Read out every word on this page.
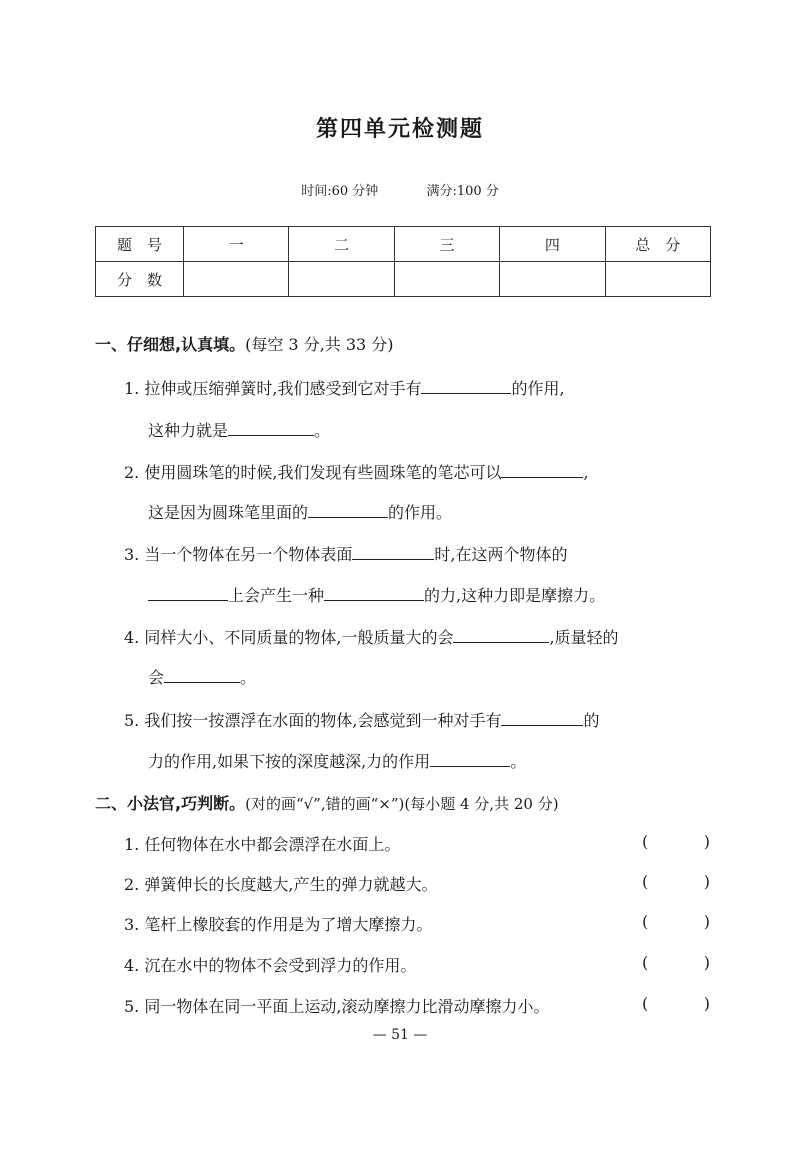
第四单元检测题
时间:60 分钟	满分:100 分
题　号	一	二	三	四	总　分
分　数					
一、仔细想,认真填。(每空 3 分,共 33 分)
1. 拉伸或压缩弹簧时,我们感受到它对手有	的作用,
这种力就是	。
2. 使用圆珠笔的时候,我们发现有些圆珠笔的笔芯可以	,
这是因为圆珠笔里面的	的作用。
3. 当一个物体在另一个物体表面	时,在这两个物体的
上会产生一种	的力,这种力即是摩擦力。
4. 同样大小、不同质量的物体,一般质量大的会	,质量轻的
会	。
5. 我们按一按漂浮在水面的物体,会感觉到一种对手有	的
力的作用,如果下按的深度越深,力的作用	。
二、小法官,巧判断。(对的画“√”,错的画“×”)(每小题 4 分,共 20 分)
1. 任何物体在水中都会漂浮在水面上。	(	)
2. 弹簧伸长的长度越大,产生的弹力就越大。	(	)
3. 笔杆上橡胶套的作用是为了增大摩擦力。	(	)
4. 沉在水中的物体不会受到浮力的作用。	(	)
5. 同一物体在同一平面上运动,滚动摩擦力比滑动摩擦力小。	(	)
— 51 —
